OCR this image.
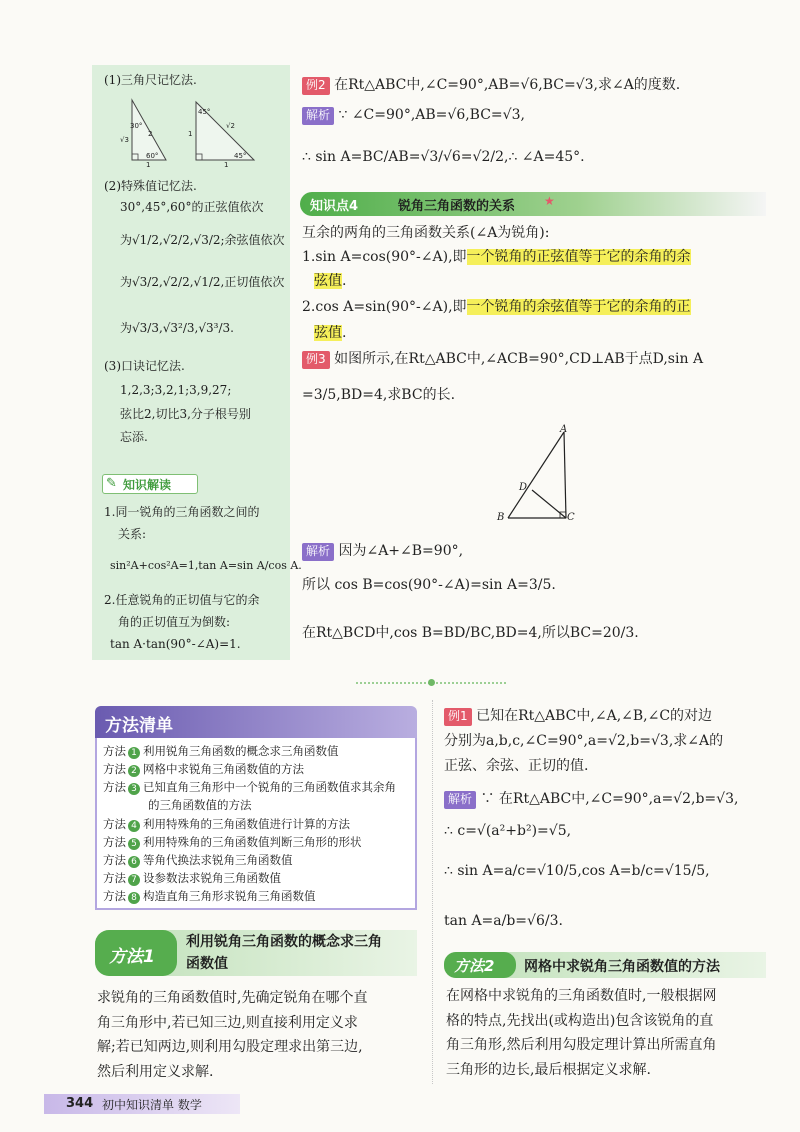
(1)三角尺记忆法.
30°
√3
2
60°
1
45°
1
√2
45°
1
(2)特殊值记忆法.
30°,45°,60°的正弦值依次
为√1/2,√2/2,√3/2;余弦值依次
为√3/2,√2/2,√1/2,正切值依次
为√3/3,√3²/3,√3³/3.
(3)口诀记忆法.
1,2,3;3,2,1;3,9,27;
弦比2,切比3,分子根号别
忘添.
✎ 知识解读
1.同一锐角的三角函数之间的
关系:
sin²A+cos²A=1,tan A=sin A/cos A.
2.任意锐角的正切值与它的余
角的正切值互为倒数:
tan A·tan(90°-∠A)=1.
例2 在Rt△ABC中,∠C=90°,AB=√6,BC=√3,求∠A的度数.
解析 ∵ ∠C=90°,AB=√6,BC=√3,
∴ sin A=BC/AB=√3/√6=√2/2,∴ ∠A=45°.
知识点4	锐角三角函数的关系 ★
互余的两角的三角函数关系(∠A为锐角):
1.sin A=cos(90°-∠A),即一个锐角的正弦值等于它的余角的余
弦值.
2.cos A=sin(90°-∠A),即一个锐角的余弦值等于它的余角的正
弦值.
例3 如图所示,在Rt△ABC中,∠ACB=90°,CD⊥AB于点D,sin A
=3/5,BD=4,求BC的长.
A
B	C
D
解析 因为∠A+∠B=90°,
所以 cos B=cos(90°-∠A)=sin A=3/5.
在Rt△BCD中,cos B=BD/BC,BD=4,所以BC=20/3.
方法清单
方法 1 利用锐角三角函数的概念求三角函数值
方法 2 网格中求锐角三角函数值的方法
方法 3 已知直角三角形中一个锐角的三角函数值求其余角
的三角函数值的方法
方法 4 利用特殊角的三角函数值进行计算的方法
方法 5 利用特殊角的三角函数值判断三角形的形状
方法 6 等角代换法求锐角三角函数值
方法 7 设参数法求锐角三角函数值
方法 8 构造直角三角形求锐角三角函数值
方法1
利用锐角三角函数的概念求三角
函数值
求锐角的三角函数值时,先确定锐角在哪个直
角三角形中,若已知三边,则直接利用定义求
解;若已知两边,则利用勾股定理求出第三边,
然后利用定义求解.
例1 已知在Rt△ABC中,∠A,∠B,∠C的对边
分别为a,b,c,∠C=90°,a=√2,b=√3,求∠A的
正弦、余弦、正切的值.
解析 ∵ 在Rt△ABC中,∠C=90°,a=√2,b=√3,
∴ c=√(a²+b²)=√5,
∴ sin A=a/c=√10/5,cos A=b/c=√15/5,
tan A=a/b=√6/3.
方法2 网格中求锐角三角函数值的方法
在网格中求锐角的三角函数值时,一般根据网
格的特点,先找出(或构造出)包含该锐角的直
角三角形,然后利用勾股定理计算出所需直角
三角形的边长,最后根据定义求解.
344 初中知识清单 数学
